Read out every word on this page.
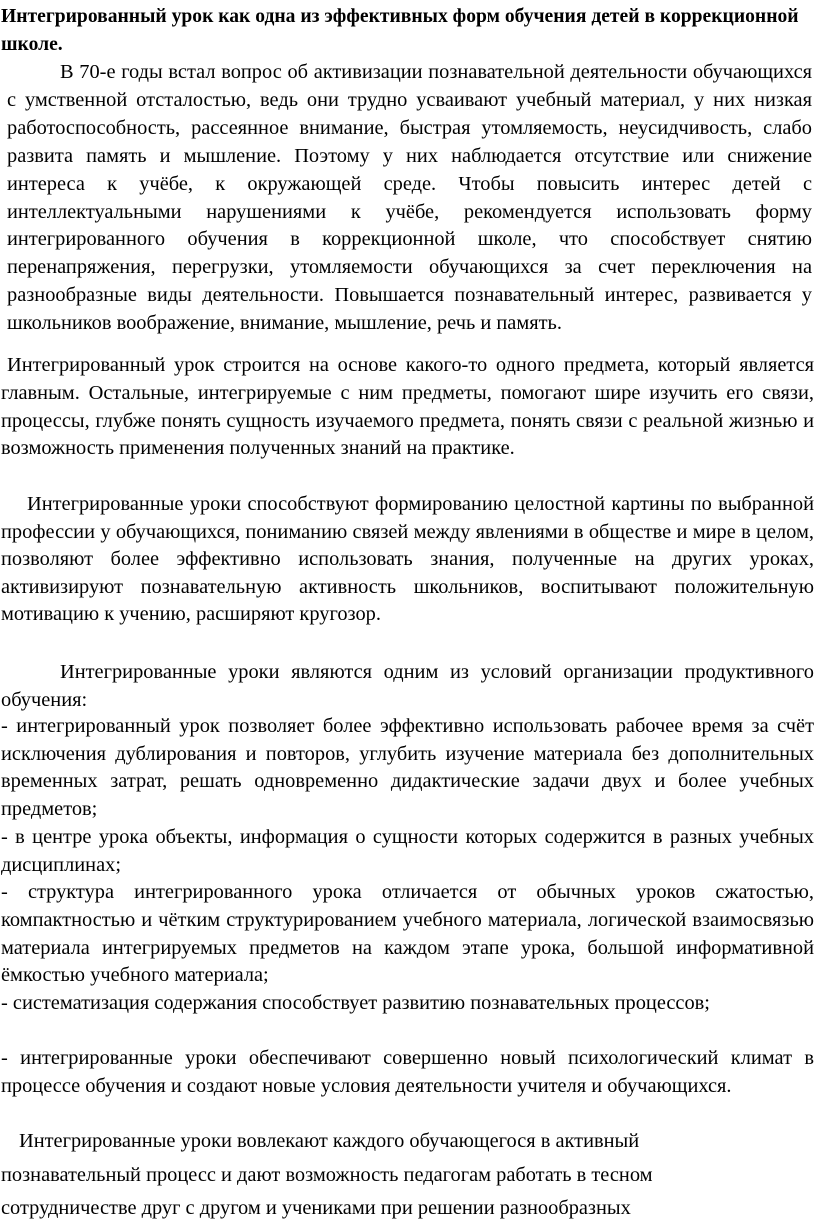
Интегрированный урок как одна из эффективных форм обучения детей в коррекционной школе.

В 70-е годы встал вопрос об активизации познавательной деятельности обучающихся с умственной отсталостью, ведь они трудно усваивают учебный материал, у них низкая работоспособность, рассеянное внимание, быстрая утомляемость, неусидчивость, слабо развита память и мышление. Поэтому у них наблюдается отсутствие или снижение интереса к учёбе, к окружающей среде. Чтобы повысить интерес детей с интеллектуальными нарушениями к учёбе, рекомендуется использовать форму интегрированного обучения в коррекционной школе, что способствует снятию перенапряжения, перегрузки, утомляемости обучающихся за счет переключения на разнообразные виды деятельности. Повышается познавательный интерес, развивается у школьников воображение, внимание, мышление, речь и память.

Интегрированный урок строится на основе какого-то одного предмета, который является главным. Остальные, интегрируемые с ним предметы, помогают шире изучить его связи, процессы, глубже понять сущность изучаемого предмета, понять связи с реальной жизнью и возможность применения полученных знаний на практике.

Интегрированные уроки способствуют формированию целостной картины по выбранной профессии у обучающихся, пониманию связей между явлениями в обществе и мире в целом, позволяют более эффективно использовать знания, полученные на других уроках, активизируют познавательную активность школьников, воспитывают положительную мотивацию к учению, расширяют кругозор.

Интегрированные уроки являются одним из условий организации продуктивного обучения:

- интегрированный урок позволяет более эффективно использовать рабочее время за счёт исключения дублирования и повторов, углубить изучение материала без дополнительных временных затрат, решать одновременно дидактические задачи двух и более учебных предметов;

- в центре урока объекты, информация о сущности которых содержится в разных учебных дисциплинах;

- структура интегрированного урока отличается от обычных уроков сжатостью, компактностью и чётким структурированием учебного материала, логической взаимосвязью материала интегрируемых предметов на каждом этапе урока, большой информативной ёмкостью учебного материала;

- систематизация содержания способствует развитию познавательных процессов;

- интегрированные уроки обеспечивают совершенно новый психологический климат в процессе обучения и создают новые условия деятельности учителя и обучающихся.

Интегрированные уроки вовлекают каждого обучающегося в активный познавательный процесс и дают возможность педагогам работать в тесном сотрудничестве друг с другом и учениками при решении разнообразных
